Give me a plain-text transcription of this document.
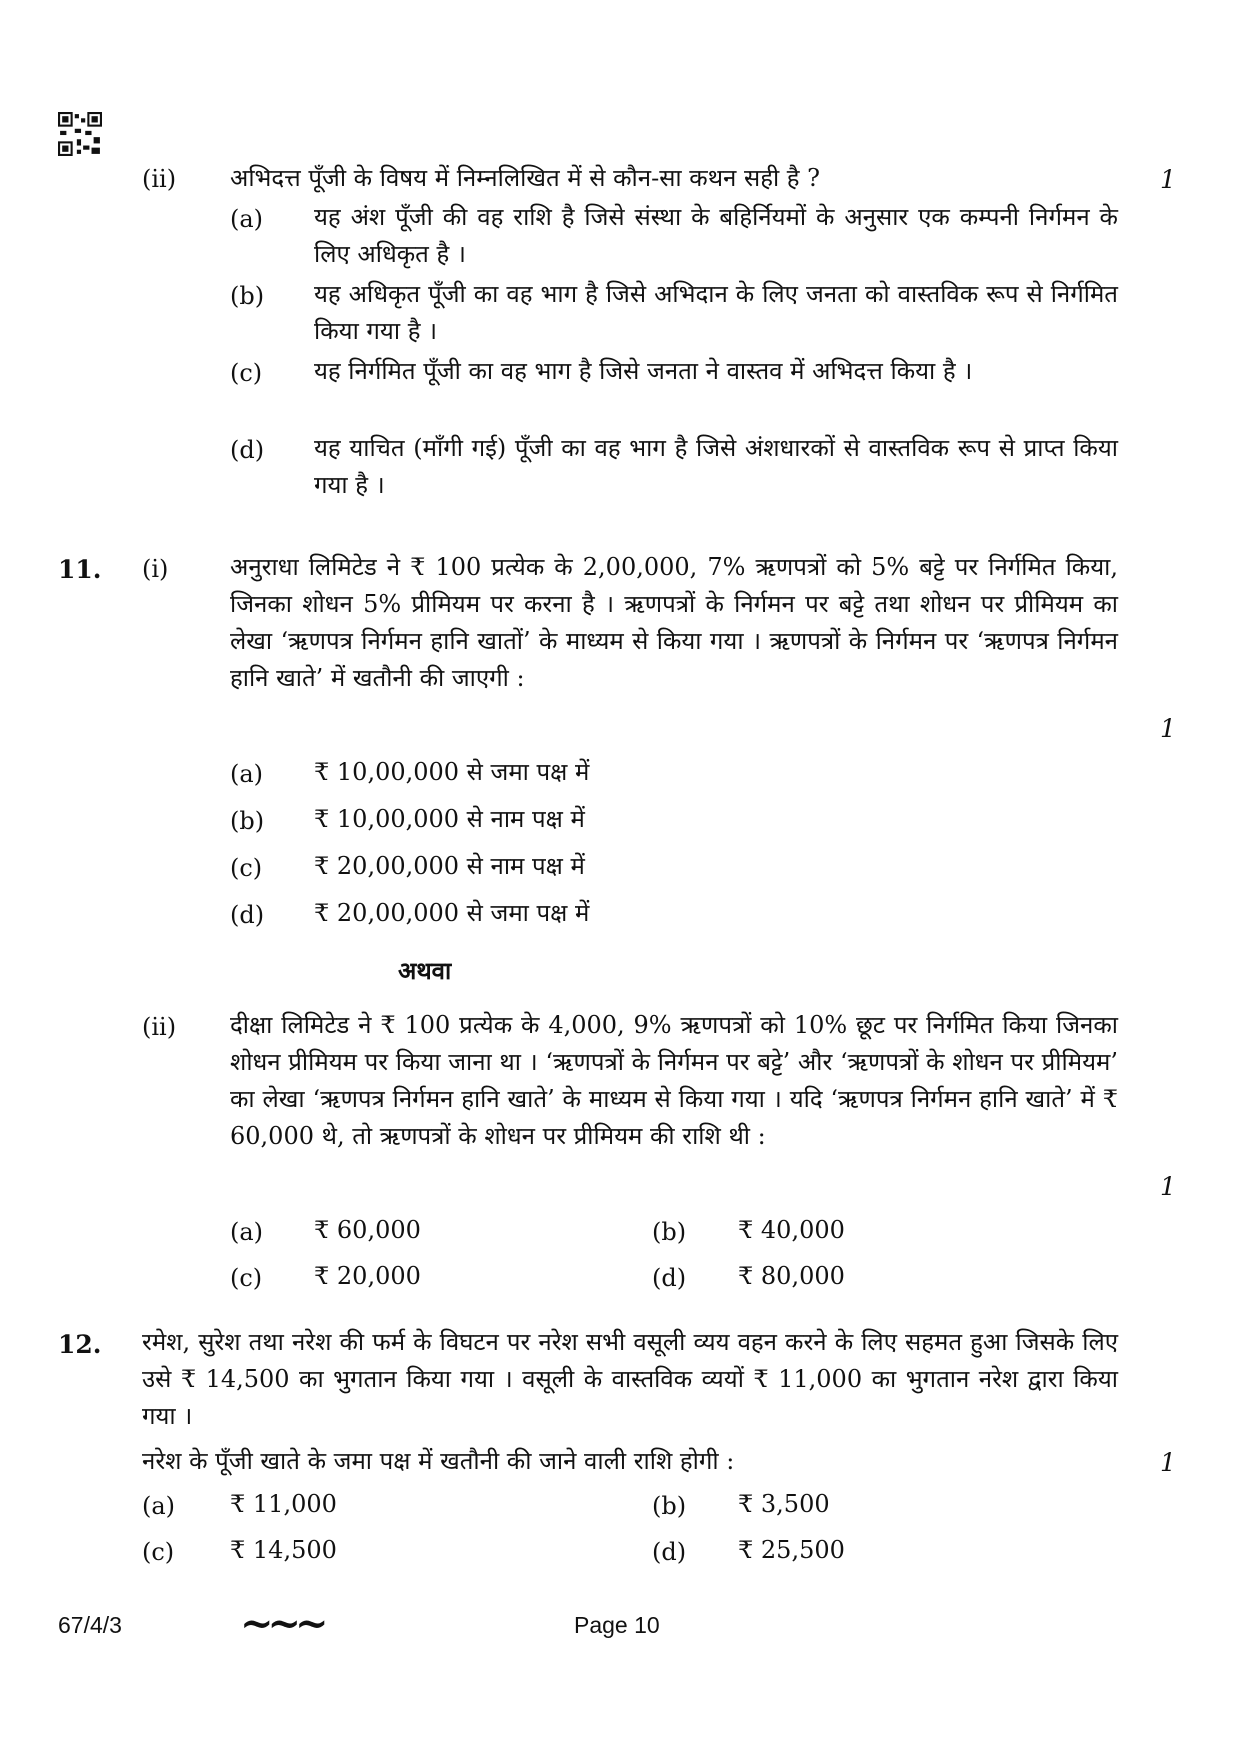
(ii) अभिदत्त पूँजी के विषय में निम्नलिखित में से कौन-सा कथन सही है ?	1
(a) यह अंश पूँजी की वह राशि है जिसे संस्था के बहिर्नियमों के अनुसार एक कम्पनी निर्गमन के लिए अधिकृत है ।
(b) यह अधिकृत पूँजी का वह भाग है जिसे अभिदान के लिए जनता को वास्तविक रूप से निर्गमित किया गया है ।
(c) यह निर्गमित पूँजी का वह भाग है जिसे जनता ने वास्तव में अभिदत्त किया है ।
(d) यह याचित (माँगी गई) पूँजी का वह भाग है जिसे अंशधारकों से वास्तविक रूप से प्राप्त किया गया है ।
11. (i)	अनुराधा लिमिटेड ने ₹ 100 प्रत्येक के 2,00,000, 7% ऋणपत्रों को 5% बट्टे पर निर्गमित किया, जिनका शोधन 5% प्रीमियम पर करना है । ऋणपत्रों के निर्गमन पर बट्टे तथा शोधन पर प्रीमियम का लेखा ‘ऋणपत्र निर्गमन हानि खातों’ के माध्यम से किया गया । ऋणपत्रों के निर्गमन पर ‘ऋणपत्र निर्गमन हानि खाते’ में खतौनी की जाएगी :
1
(a) ₹ 10,00,000 से जमा पक्ष में
(b) ₹ 10,00,000 से नाम पक्ष में
(c) ₹ 20,00,000 से नाम पक्ष में
(d) ₹ 20,00,000 से जमा पक्ष में
अथवा
(ii) दीक्षा लिमिटेड ने ₹ 100 प्रत्येक के 4,000, 9% ऋणपत्रों को 10% छूट पर निर्गमित किया जिनका शोधन प्रीमियम पर किया जाना था । ‘ऋणपत्रों के निर्गमन पर बट्टे’ और ‘ऋणपत्रों के शोधन पर प्रीमियम’ का लेखा ‘ऋणपत्र निर्गमन हानि खाते’ के माध्यम से किया गया । यदि ‘ऋणपत्र निर्गमन हानि खाते’ में ₹ 60,000 थे, तो ऋणपत्रों के शोधन पर प्रीमियम की राशि थी :
1
(a) ₹ 60,000	(b) ₹ 40,000
(c) ₹ 20,000	(d) ₹ 80,000
12. रमेश, सुरेश तथा नरेश की फर्म के विघटन पर नरेश सभी वसूली व्यय वहन करने के लिए सहमत हुआ जिसके लिए उसे ₹ 14,500 का भुगतान किया गया । वसूली के वास्तविक व्ययों ₹ 11,000 का भुगतान नरेश द्वारा किया गया ।
नरेश के पूँजी खाते के जमा पक्ष में खतौनी की जाने वाली राशि होगी :	1
(a) ₹ 11,000	(b) ₹ 3,500
(c) ₹ 14,500	(d) ₹ 25,500
67/4/3	~~~	Page 10
